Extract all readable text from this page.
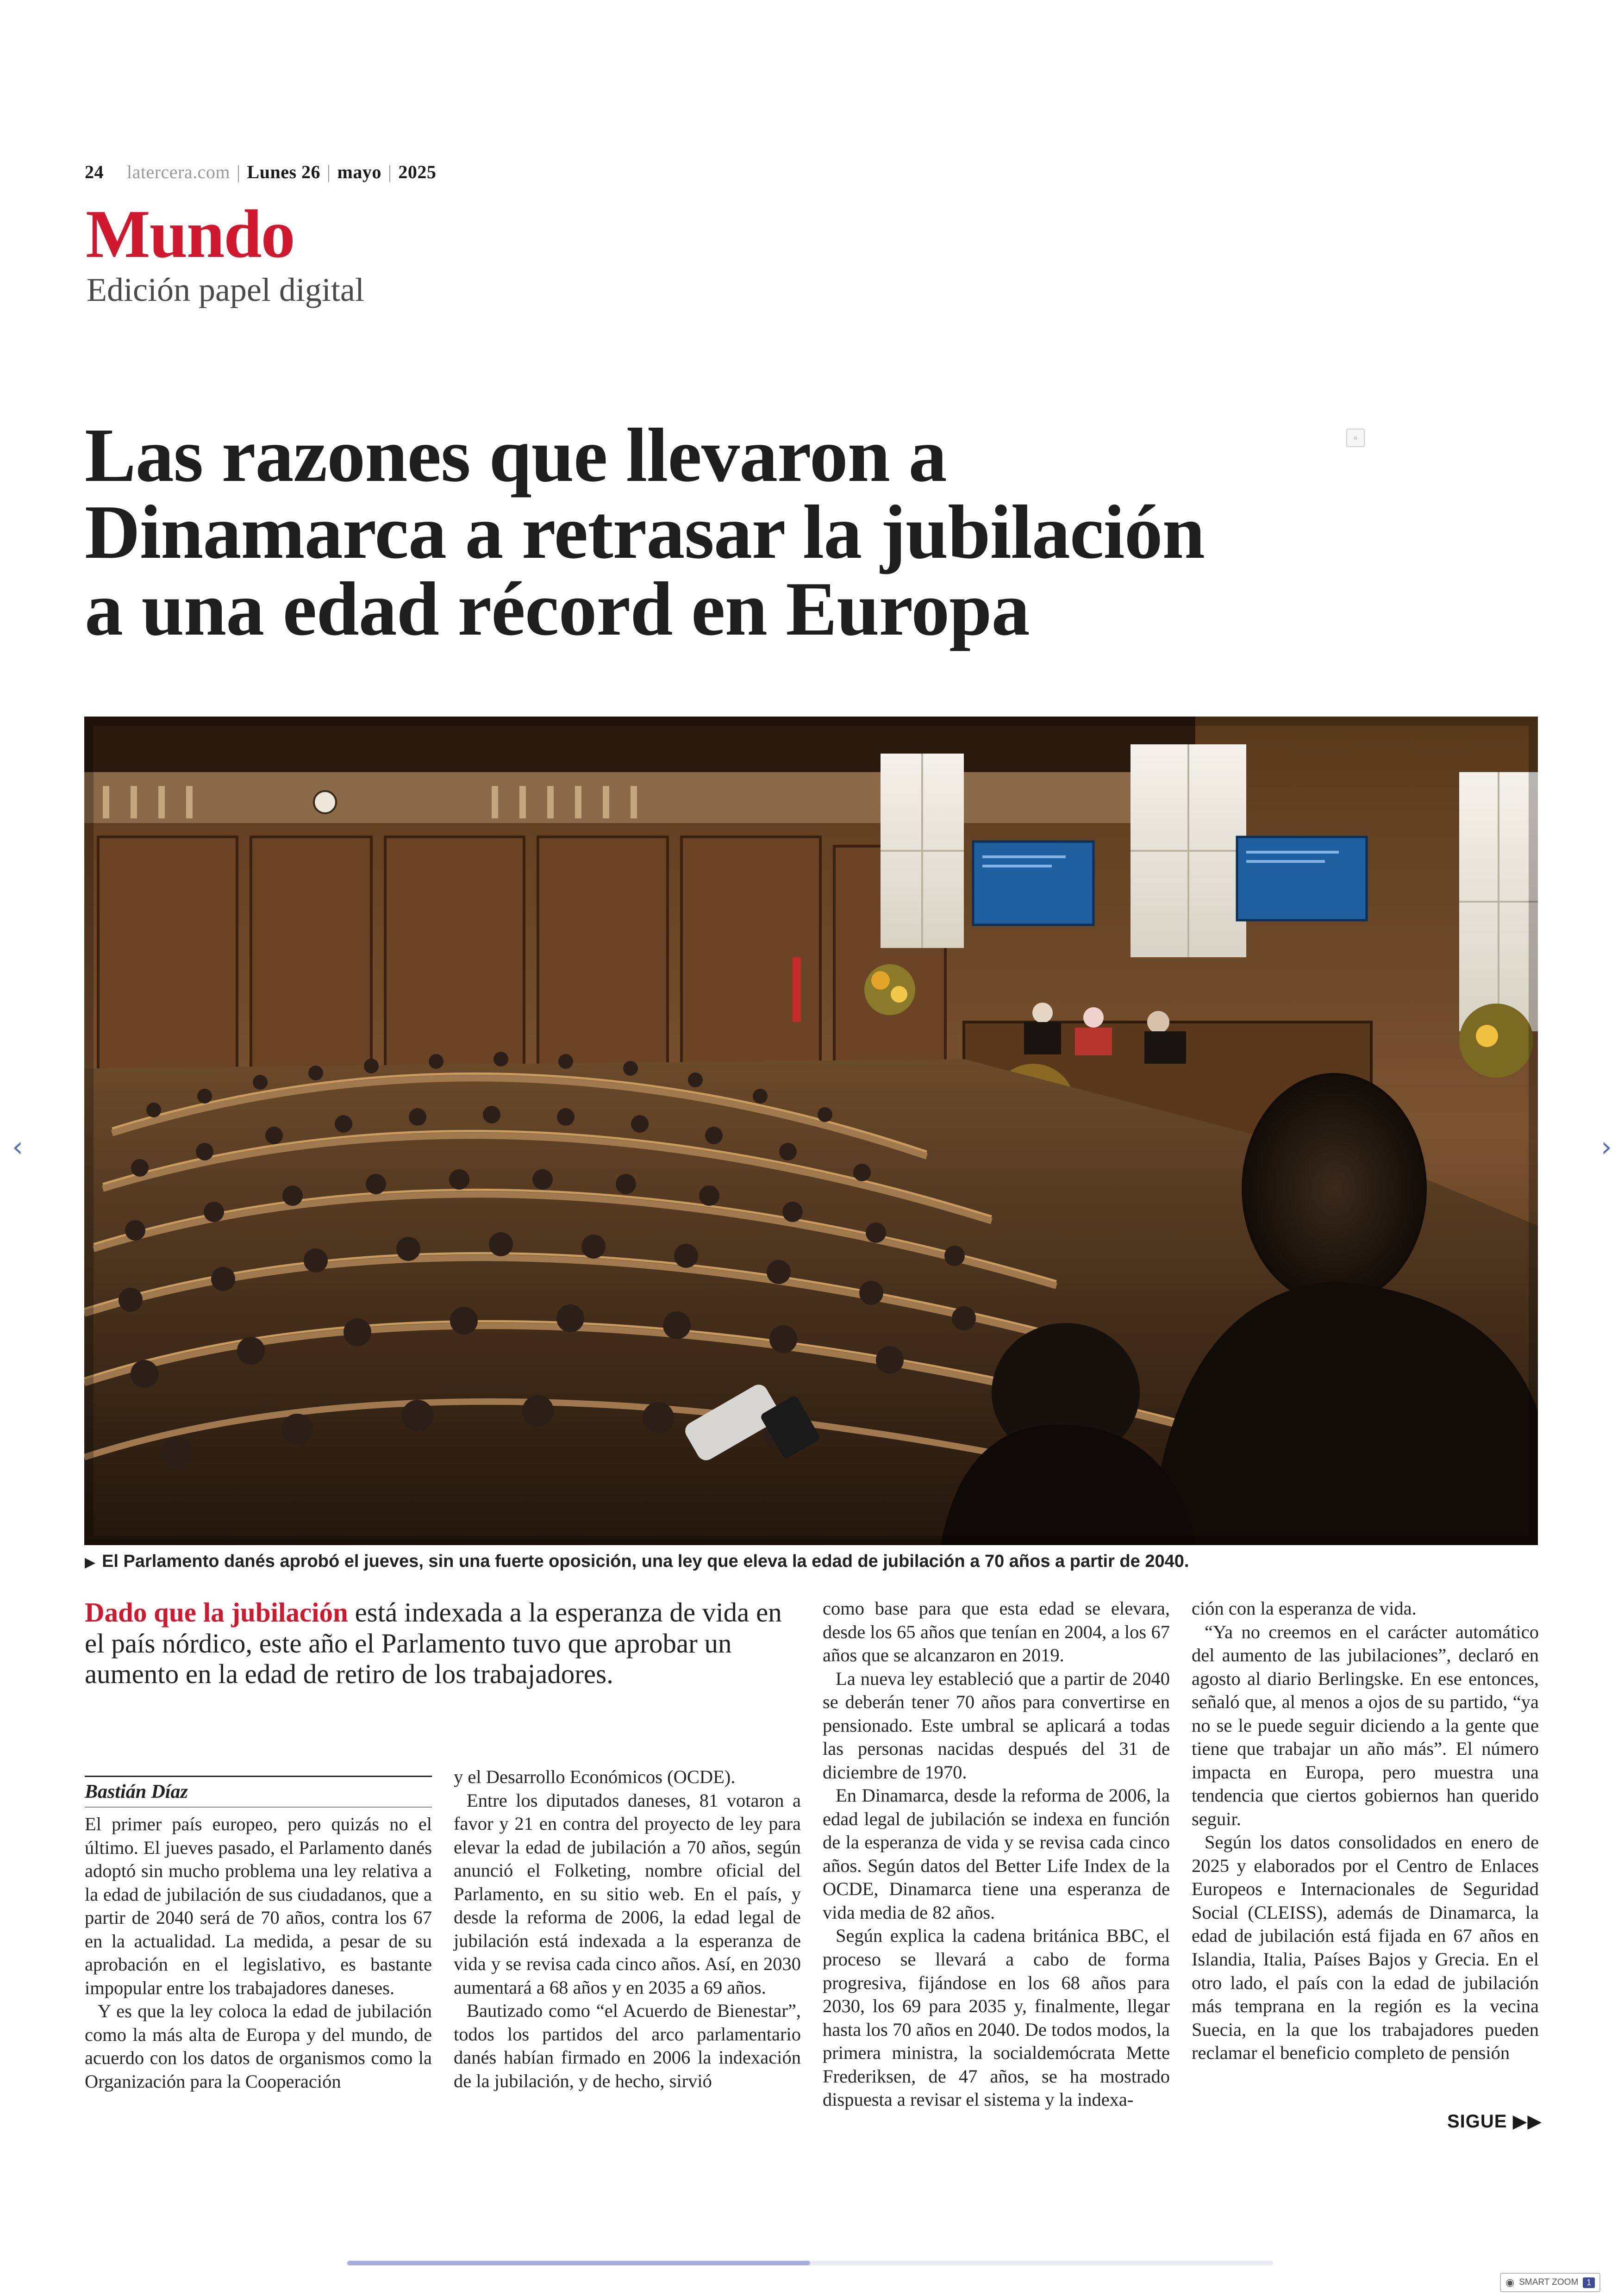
24 latercera.com | Lunes 26 | mayo | 2025
Mundo
Edición papel digital
▫
Las razones que llevaron a
Dinamarca a retrasar la jubilación
a una edad récord en Europa
▶ El Parlamento danés aprobó el jueves, sin una fuerte oposición, una ley que eleva la edad de jubilación a 70 años a partir de 2040.
Dado que la jubilación está indexada a la esperanza de vida en el país nórdico, este año el Parlamento tuvo que aprobar un aumento en la edad de retiro de los trabajadores.
Bastián Díaz

El primer país europeo, pero quizás no el último. El jueves pasado, el Parlamento danés adoptó sin mucho problema una ley relativa a la edad de jubilación de sus ciudadanos, que a partir de 2040 será de 70 años, contra los 67 en la actualidad. La medida, a pesar de su aprobación en el legislativo, es bastante impopular entre los trabajadores daneses.

Y es que la ley coloca la edad de jubilación como la más alta de Europa y del mundo, de acuerdo con los datos de organismos como la Organización para la Cooperación

y el Desarrollo Económicos (OCDE).

Entre los diputados daneses, 81 votaron a favor y 21 en contra del proyecto de ley para elevar la edad de jubilación a 70 años, según anunció el Folketing, nombre oficial del Parlamento, en su sitio web. En el país, y desde la reforma de 2006, la edad legal de jubilación está indexada a la esperanza de vida y se revisa cada cinco años. Así, en 2030 aumentará a 68 años y en 2035 a 69 años.

Bautizado como “el Acuerdo de Bienestar”, todos los partidos del arco parlamentario danés habían firmado en 2006 la indexación de la jubilación, y de hecho, sirvió

como base para que esta edad se elevara, desde los 65 años que tenían en 2004, a los 67 años que se alcanzaron en 2019.

La nueva ley estableció que a partir de 2040 se deberán tener 70 años para convertirse en pensionado. Este umbral se aplicará a todas las personas nacidas después del 31 de diciembre de 1970.

En Dinamarca, desde la reforma de 2006, la edad legal de jubilación se indexa en función de la esperanza de vida y se revisa cada cinco años. Según datos del Better Life Index de la OCDE, Dinamarca tiene una esperanza de vida media de 82 años.

Según explica la cadena británica BBC, el proceso se llevará a cabo de forma progresiva, fijándose en los 68 años para 2030, los 69 para 2035 y, finalmente, llegar hasta los 70 años en 2040. De todos modos, la primera ministra, la socialdemócrata Mette Frederiksen, de 47 años, se ha mostrado dispuesta a revisar el sistema y la indexa-

ción con la esperanza de vida.

“Ya no creemos en el carácter automático del aumento de las jubilaciones”, declaró en agosto al diario Berlingske. En ese entonces, señaló que, al menos a ojos de su partido, “ya no se le puede seguir diciendo a la gente que tiene que trabajar un año más”. El número impacta en Europa, pero muestra una tendencia que ciertos gobiernos han querido seguir.

Según los datos consolidados en enero de 2025 y elaborados por el Centro de Enlaces Europeos e Internacionales de Seguridad Social (CLEISS), además de Dinamarca, la edad de jubilación está fijada en 67 años en Islandia, Italia, Países Bajos y Grecia. En el otro lado, el país con la edad de jubilación más temprana en la región es la vecina Suecia, en la que los trabajadores pueden reclamar el beneficio completo de pensión

SIGUE ▶▶
‹	›
◉ SMART ZOOM	1
